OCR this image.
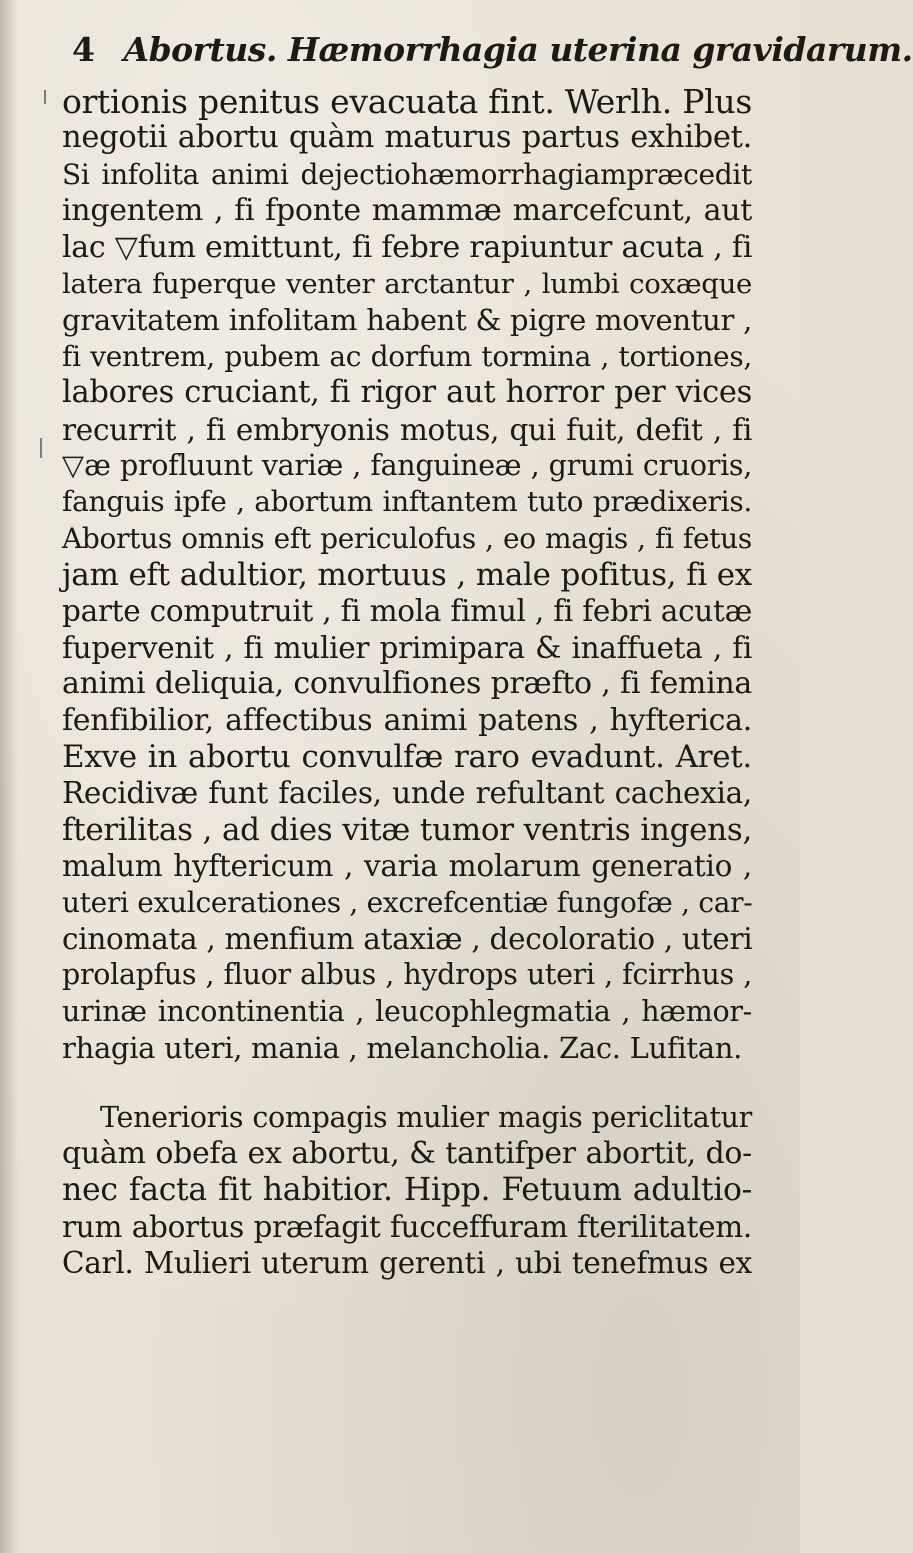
4 Abortus. Hæmorrhagia uterina gravidarum.
ortionis penitus evacuata fint. Werlh. Plus
negotii abortu quàm maturus partus exhibet.
Si infolita animi dejectiohæmorrhagiampræcedit
ingentem , fi fponte mammæ marcefcunt, aut
lac ▽fum emittunt, fi febre rapiuntur acuta , fi
latera fuperque venter arctantur , lumbi coxæque
gravitatem infolitam habent & pigre moventur ,
fi ventrem, pubem ac dorfum tormina , tortiones,
labores cruciant, fi rigor aut horror per vices
recurrit , fi embryonis motus, qui fuit, defit , fi
▽æ profluunt variæ , fanguineæ , grumi cruoris,
fanguis ipfe , abortum inftantem tuto prædixeris.
Abortus omnis eft periculofus , eo magis , fi fetus
jam eft adultior, mortuus , male pofitus, fi ex
parte computruit , fi mola fimul , fi febri acutæ
fupervenit , fi mulier primipara & inaffueta , fi
animi deliquia, convulfiones præfto , fi femina
fenfibilior, affectibus animi patens , hyfterica.
Exve in abortu convulfæ raro evadunt. Aret.
Recidivæ funt faciles, unde refultant cachexia,
fterilitas , ad dies vitæ tumor ventris ingens,
malum hyftericum , varia molarum generatio ,
uteri exulcerationes , excrefcentiæ fungofæ , car-
cinomata , menfium ataxiæ , decoloratio , uteri
prolapfus , fluor albus , hydrops uteri , fcirrhus ,
urinæ incontinentia , leucophlegmatia , hæmor-
rhagia uteri, mania , melancholia. Zac. Lufitan.
Tenerioris compagis mulier magis periclitatur
quàm obefa ex abortu, & tantifper abortit, do-
nec facta fit habitior. Hipp. Fetuum adultio-
rum abortus præfagit fucceffuram fterilitatem.
Carl. Mulieri uterum gerenti , ubi tenefmus ex
